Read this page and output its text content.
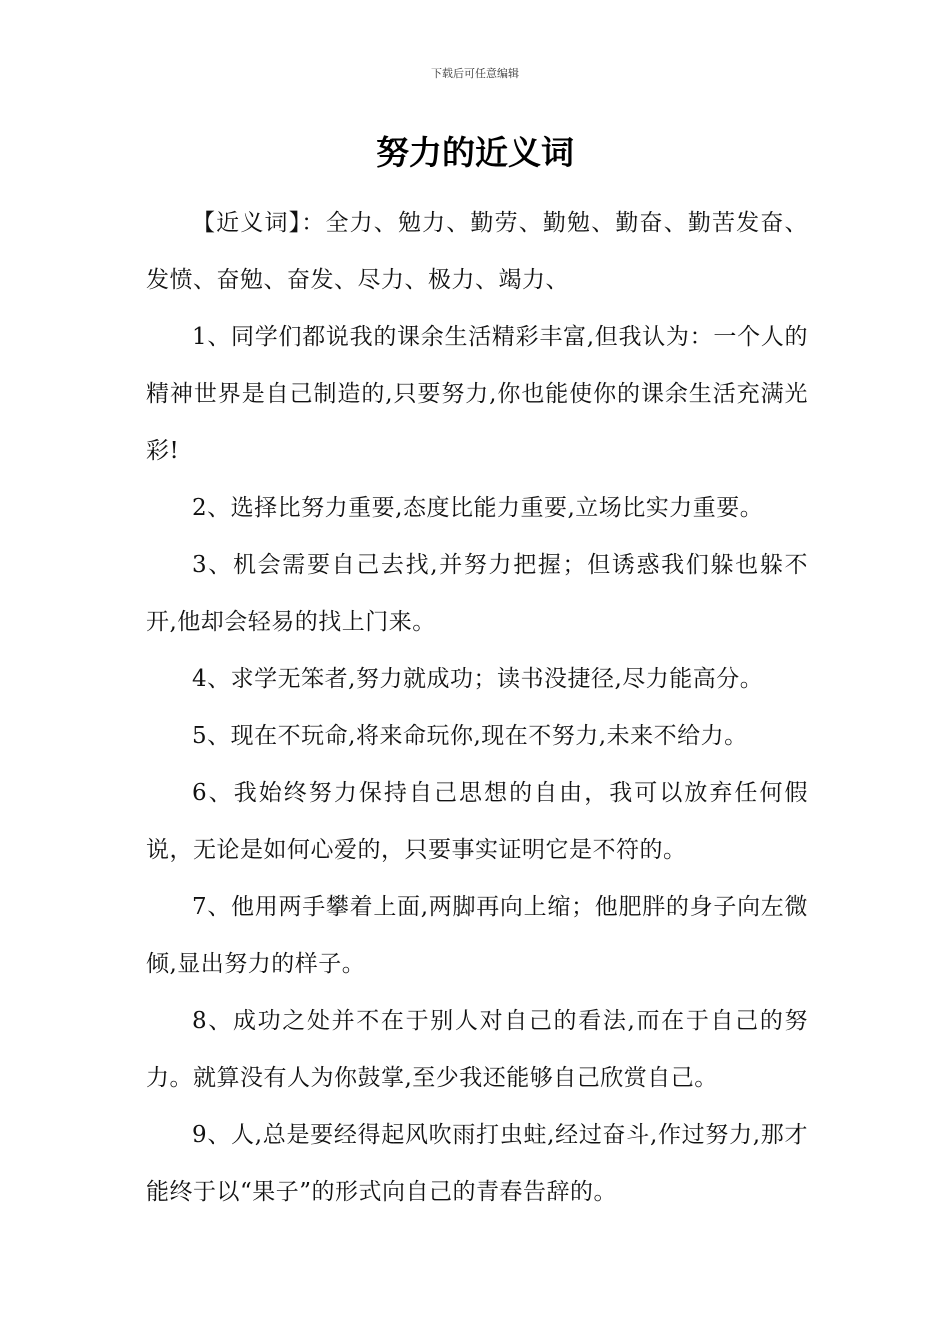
下载后可任意编辑
努力的近义词

【近义词】：全力、勉力、勤劳、勤勉、勤奋、勤苦发奋、发愤、奋勉、奋发、尽力、极力、竭力、

1、同学们都说我的课余生活精彩丰富,但我认为：一个人的精神世界是自己制造的,只要努力,你也能使你的课余生活充满光彩!

2、选择比努力重要,态度比能力重要,立场比实力重要。

3、机会需要自己去找,并努力把握；但诱惑我们躲也躲不开,他却会轻易的找上门来。

4、求学无笨者,努力就成功；读书没捷径,尽力能高分。

5、现在不玩命,将来命玩你,现在不努力,未来不给力。

6、我始终努力保持自己思想的自由，我可以放弃任何假说，无论是如何心爱的，只要事实证明它是不符的。

7、他用两手攀着上面,两脚再向上缩；他肥胖的身子向左微倾,显出努力的样子。

8、成功之处并不在于别人对自己的看法,而在于自己的努力。就算没有人为你鼓掌,至少我还能够自己欣赏自己。

9、人,总是要经得起风吹雨打虫蛀,经过奋斗,作过努力,那才能终于以“果子”的形式向自己的青春告辞的。
